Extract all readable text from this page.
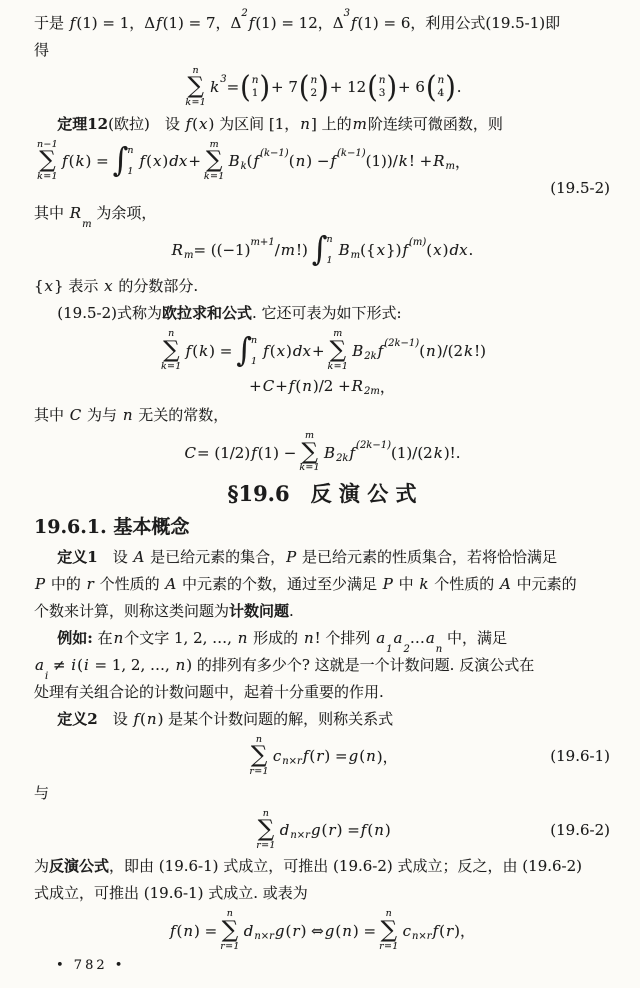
于是 f(1) = 1，Δf(1) = 7，$\Delta^2f(1) = 12$，$\Delta^3f(1) = 6$，利用公式(19.5-1)即
得
n
∑
k=1
$k^3$ = ( n
1 ) + 7 ( n
2 ) + 12 ( n
3 ) + 6 ( n
4 ) .
定理12(欧拉)　设 f(x) 为区间 [1，n] 上的m阶连续可微函数，则
n−1
∑
k=1
f ( k ) = ∫ n
1
f ( x ) dx +
m
∑
k=1
$B_k$ ( $f^{(k-1)}$ ( n ) − $f^{(k-1)}$ (1))/ k ! + $R_m$ ，
(19.5-2)
其中 $R_m$ 为余项，
$R_m = ((-1)^{m+1} / m$ !) ∫ n
1
$B_m$ ({ x }) $f^{(m)}$ ( x ) dx .
{x} 表示 x 的分数部分.
(19.5-2)式称为欧拉求和公式. 它还可表为如下形式:
n
∑
k=1
f ( k ) = ∫ n
1
f ( x ) dx +
m
∑
k=1
$B_{2k}$ $f^{(2k-1)}$ ( n )/(2 k !)
+ C + f ( n )$/2 + R_{2m}$ ，
其中 C 为与 n 无关的常数，
C = (1/2) f (1) −
m
∑
k=1
$B_{2k}$ $f^{(2k-1)}$ (1)/(2 k )!.
§19.6　反 演 公 式
19.6.1. 基本概念
定义1　设 A 是已给元素的集合，P 是已给元素的性质集合，若将恰恰满足
P 中的 r 个性质的 A 中元素的个数，通过至少满足 P 中 k 个性质的 A 中元素的
个数来计算，则称这类问题为计数问题.
例如: 在n个文字 1, 2, …, n 形成的 n! 个排列 $a_1a_2\dots a_n$ 中，满足
$a_i \ne i(i = 1$, 2, …, n) 的排列有多少个? 这就是一个计数问题. 反演公式在
处理有关组合论的计数问题中，起着十分重要的作用.
定义2　设 f(n) 是某个计数问题的解，则称关系式
n
∑
r=1
$c_{n\times r}$ f ( r ) = g ( n )，	(19.6-1)
与
n
∑
r=1
$d_{n\times r}$ g ( r ) = f ( n )	(19.6-2)
为反演公式，即由 (19.6-1) 式成立，可推出 (19.6-2) 式成立；反之，由 (19.6-2)
式成立，可推出 (19.6-1) 式成立. 或表为
f ( n ) =
n
∑
r=1
$d_{n\times r}$ g ( r ) ⇔ g ( n ) =
n
∑
r=1
$c_{n\times r}$ f ( r )，
• 782 •
